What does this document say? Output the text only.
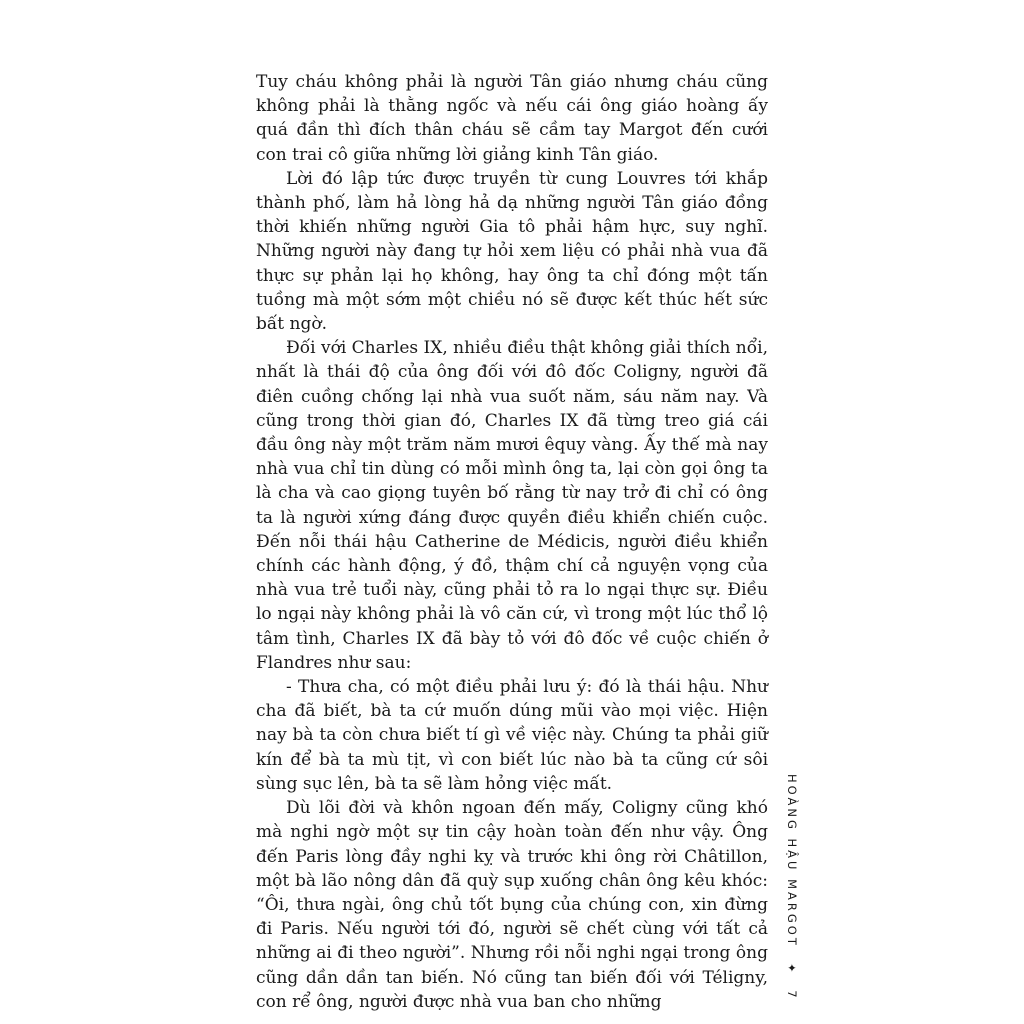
Tuy cháu không phải là người Tân giáo nhưng cháu cũng không phải là thằng ngốc và nếu cái ông giáo hoàng ấy quá đần thì đích thân cháu sẽ cầm tay Margot đến cưới con trai cô giữa những lời giảng kinh Tân giáo.

Lời đó lập tức được truyền từ cung Louvres tới khắp thành phố, làm hả lòng hả dạ những người Tân giáo đồng thời khiến những người Gia tô phải hậm hực, suy nghĩ. Những người này đang tự hỏi xem liệu có phải nhà vua đã thực sự phản lại họ không, hay ông ta chỉ đóng một tấn tuồng mà một sớm một chiều nó sẽ được kết thúc hết sức bất ngờ.

Đối với Charles IX, nhiều điều thật không giải thích nổi, nhất là thái độ của ông đối với đô đốc Coligny, người đã điên cuồng chống lại nhà vua suốt năm, sáu năm nay. Và cũng trong thời gian đó, Charles IX đã từng treo giá cái đầu ông này một trăm năm mươi êquy vàng. Ấy thế mà nay nhà vua chỉ tin dùng có mỗi mình ông ta, lại còn gọi ông ta là cha và cao giọng tuyên bố rằng từ nay trở đi chỉ có ông ta là người xứng đáng được quyền điều khiển chiến cuộc. Đến nỗi thái hậu Catherine de Médicis, người điều khiển chính các hành động, ý đồ, thậm chí cả nguyện vọng của nhà vua trẻ tuổi này, cũng phải tỏ ra lo ngại thực sự. Điều lo ngại này không phải là vô căn cứ, vì trong một lúc thổ lộ tâm tình, Charles IX đã bày tỏ với đô đốc về cuộc chiến ở Flandres như sau:

- Thưa cha, có một điều phải lưu ý: đó là thái hậu. Như cha đã biết, bà ta cứ muốn dúng mũi vào mọi việc. Hiện nay bà ta còn chưa biết tí gì về việc này. Chúng ta phải giữ kín để bà ta mù tịt, vì con biết lúc nào bà ta cũng cứ sôi sùng sục lên, bà ta sẽ làm hỏng việc mất.

Dù lõi đời và khôn ngoan đến mấy, Coligny cũng khó mà nghi ngờ một sự tin cậy hoàn toàn đến như vậy. Ông đến Paris lòng đầy nghi kỵ và trước khi ông rời Châtillon, một bà lão nông dân đã quỳ sụp xuống chân ông kêu khóc: “Ôi, thưa ngài, ông chủ tốt bụng của chúng con, xin đừng đi Paris. Nếu người tới đó, người sẽ chết cùng với tất cả những ai đi theo người”. Nhưng rồi nỗi nghi ngại trong ông cũng dần dần tan biến. Nó cũng tan biến đối với Téligny, con rể ông, người được nhà vua ban cho những

HOÀNG HẬU MARGOT ✦ 7
